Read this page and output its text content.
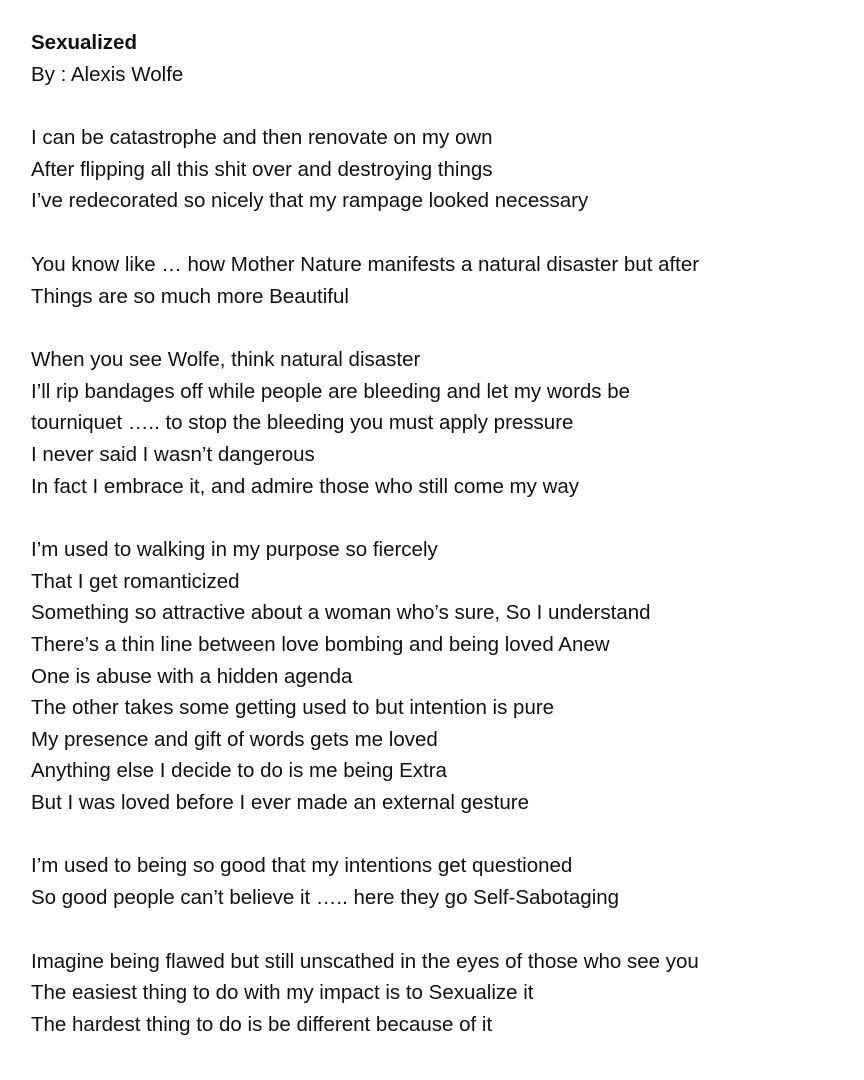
Sexualized
By : Alexis Wolfe
I can be catastrophe and then renovate on my own
After flipping all this shit over and destroying things
I’ve redecorated so nicely that my rampage looked necessary
You know like … how Mother Nature manifests a natural disaster but after
Things are so much more Beautiful
When you see Wolfe, think natural disaster
I’ll rip bandages off while people are bleeding and let my words be
tourniquet ….. to stop the bleeding you must apply pressure
I never said I wasn’t dangerous
In fact I embrace it, and admire those who still come my way
I’m used to walking in my purpose so fiercely
That I get romanticized
Something so attractive about a woman who’s sure, So I understand
There’s a thin line between love bombing and being loved Anew
One is abuse with a hidden agenda
The other takes some getting used to but intention is pure
My presence and gift of words gets me loved
Anything else I decide to do is me being Extra
But I was loved before I ever made an external gesture
I’m used to being so good that my intentions get questioned
So good people can’t believe it ….. here they go Self-Sabotaging
Imagine being flawed but still unscathed in the eyes of those who see you
The easiest thing to do with my impact is to Sexualize it
The hardest thing to do is be different because of it
